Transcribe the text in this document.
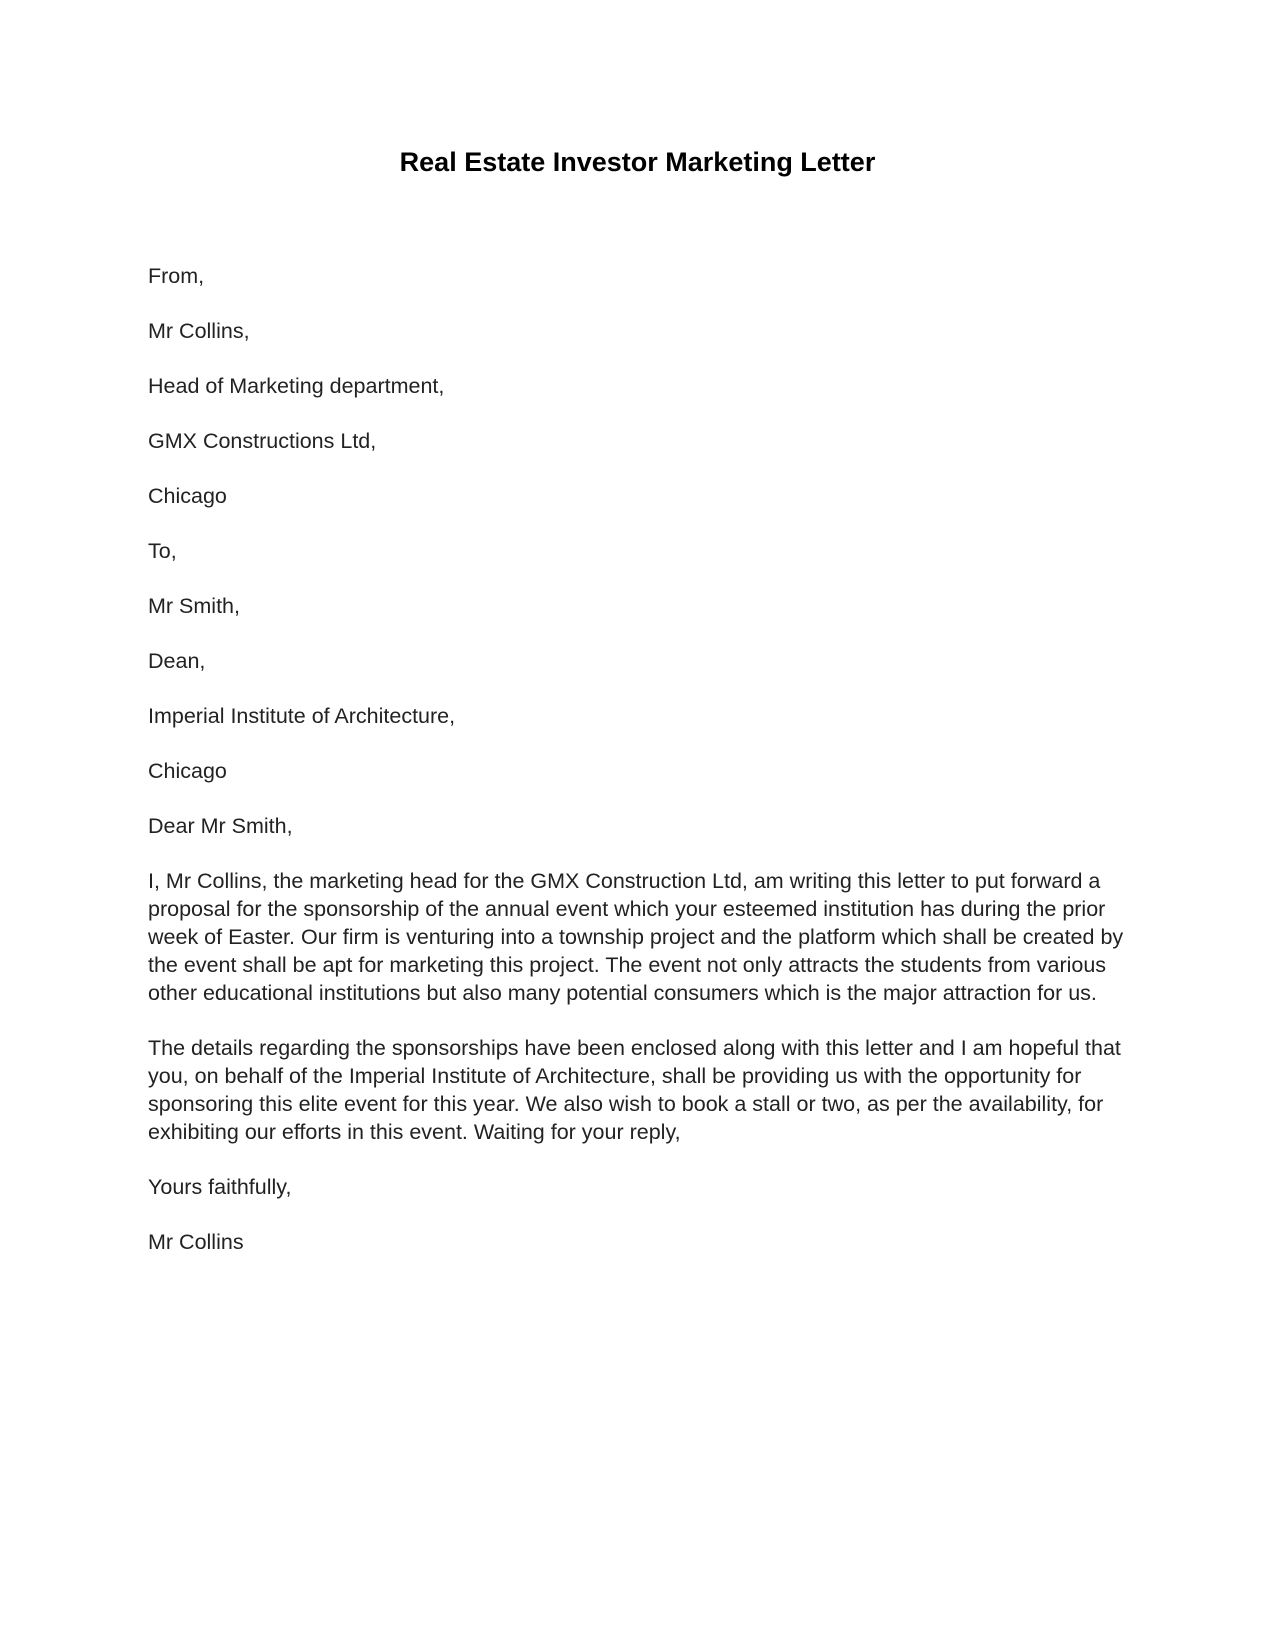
Real Estate Investor Marketing Letter

From,

Mr Collins,

Head of Marketing department,

GMX Constructions Ltd,

Chicago

To,

Mr Smith,

Dean,

Imperial Institute of Architecture,

Chicago

Dear Mr Smith,

I, Mr Collins, the marketing head for the GMX Construction Ltd, am writing this letter to put forward a proposal for the sponsorship of the annual event which your esteemed institution has during the prior week of Easter. Our firm is venturing into a township project and the platform which shall be created by the event shall be apt for marketing this project. The event not only attracts the students from various other educational institutions but also many potential consumers which is the major attraction for us.

The details regarding the sponsorships have been enclosed along with this letter and I am hopeful that you, on behalf of the Imperial Institute of Architecture, shall be providing us with the opportunity for sponsoring this elite event for this year. We also wish to book a stall or two, as per the availability, for exhibiting our efforts in this event. Waiting for your reply,

Yours faithfully,

Mr Collins
